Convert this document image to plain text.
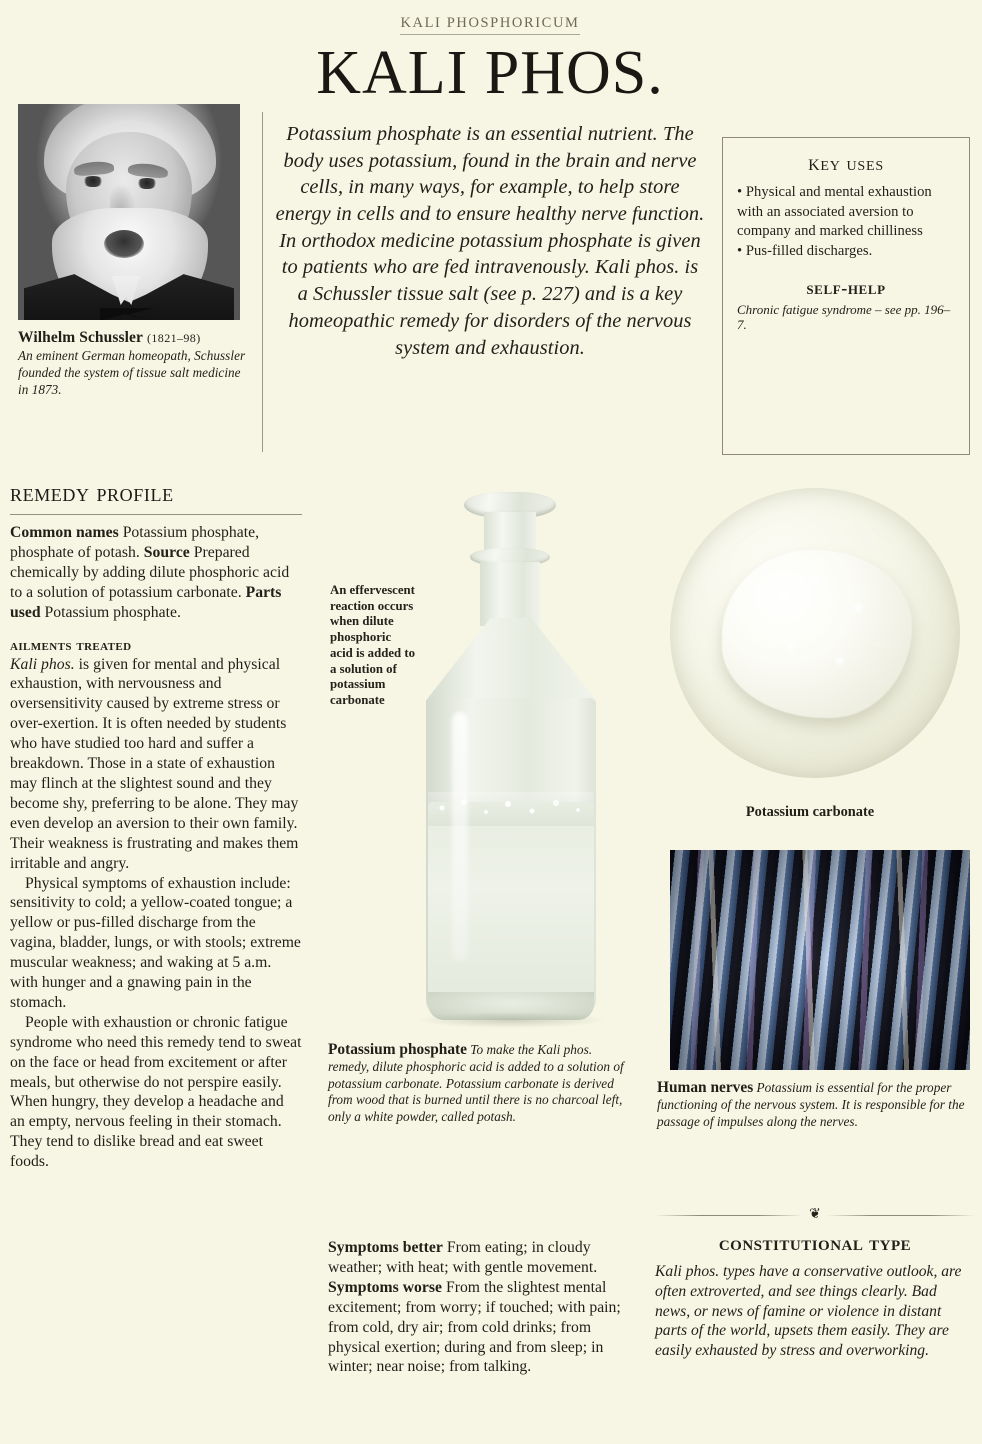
Wilhelm Schussler (1821–98)
An eminent German homeopath, Schussler founded the system of tissue salt medicine in 1873.
KALI PHOSPHORICUM
KALI PHOS.

Potassium phosphate is an essential nutrient. The body uses potassium, found in the brain and nerve cells, in many ways, for example, to help store energy in cells and to ensure healthy nerve function. In orthodox medicine potassium phosphate is given to patients who are fed intravenously. Kali phos. is a Schussler tissue salt (see p. 227) and is a key homeopathic remedy for disorders of the nervous system and exhaustion.

key uses
• Physical and mental exhaustion with an associated aversion to company and marked chilliness
• Pus-filled discharges.
self-help
Chronic fatigue syndrome – see pp. 196–7.
remedy profile

Common names Potassium phosphate, phosphate of potash. Source Prepared chemically by adding dilute phosphoric acid to a solution of potassium carbonate. Parts used Potassium phosphate.

ailments treated

Kali phos. is given for mental and physical exhaustion, with nervousness and oversensitivity caused by extreme stress or over-exertion. It is often needed by students who have studied too hard and suffer a breakdown. Those in a state of exhaustion may flinch at the slightest sound and they become shy, preferring to be alone. They may even develop an aversion to their own family. Their weakness is frustrating and makes them irritable and angry.

Physical symptoms of exhaustion include: sensitivity to cold; a yellow-coated tongue; a yellow or pus-filled discharge from the vagina, bladder, lungs, or with stools; extreme muscular weakness; and waking at 5 a.m. with hunger and a gnawing pain in the stomach.

People with exhaustion or chronic fatigue syndrome who need this remedy tend to sweat on the face or head from excitement or after meals, but otherwise do not perspire easily. When hungry, they develop a headache and an empty, nervous feeling in their stomach. They tend to dislike bread and eat sweet foods.

An effervescent reaction occurs when dilute phosphoric acid is added to a solution of potassium carbonate
Potassium phosphate To make the Kali phos. remedy, dilute phosphoric acid is added to a solution of potassium carbonate. Potassium carbonate is derived from wood that is burned until there is no charcoal left, only a white powder, called potash.

Symptoms better From eating; in cloudy weather; with heat; with gentle movement.

Symptoms worse From the slightest mental excitement; from worry; if touched; with pain; from cold, dry air; from cold drinks; from physical exertion; during and from sleep; in winter; near noise; from talking.

Potassium carbonate
Human nerves Potassium is essential for the proper functioning of the nervous system. It is responsible for the passage of impulses along the nerves.
❦
constitutional type

Kali phos. types have a conservative outlook, are often extroverted, and see things clearly. Bad news, or news of famine or violence in distant parts of the world, upsets them easily. They are easily exhausted by stress and overworking.
